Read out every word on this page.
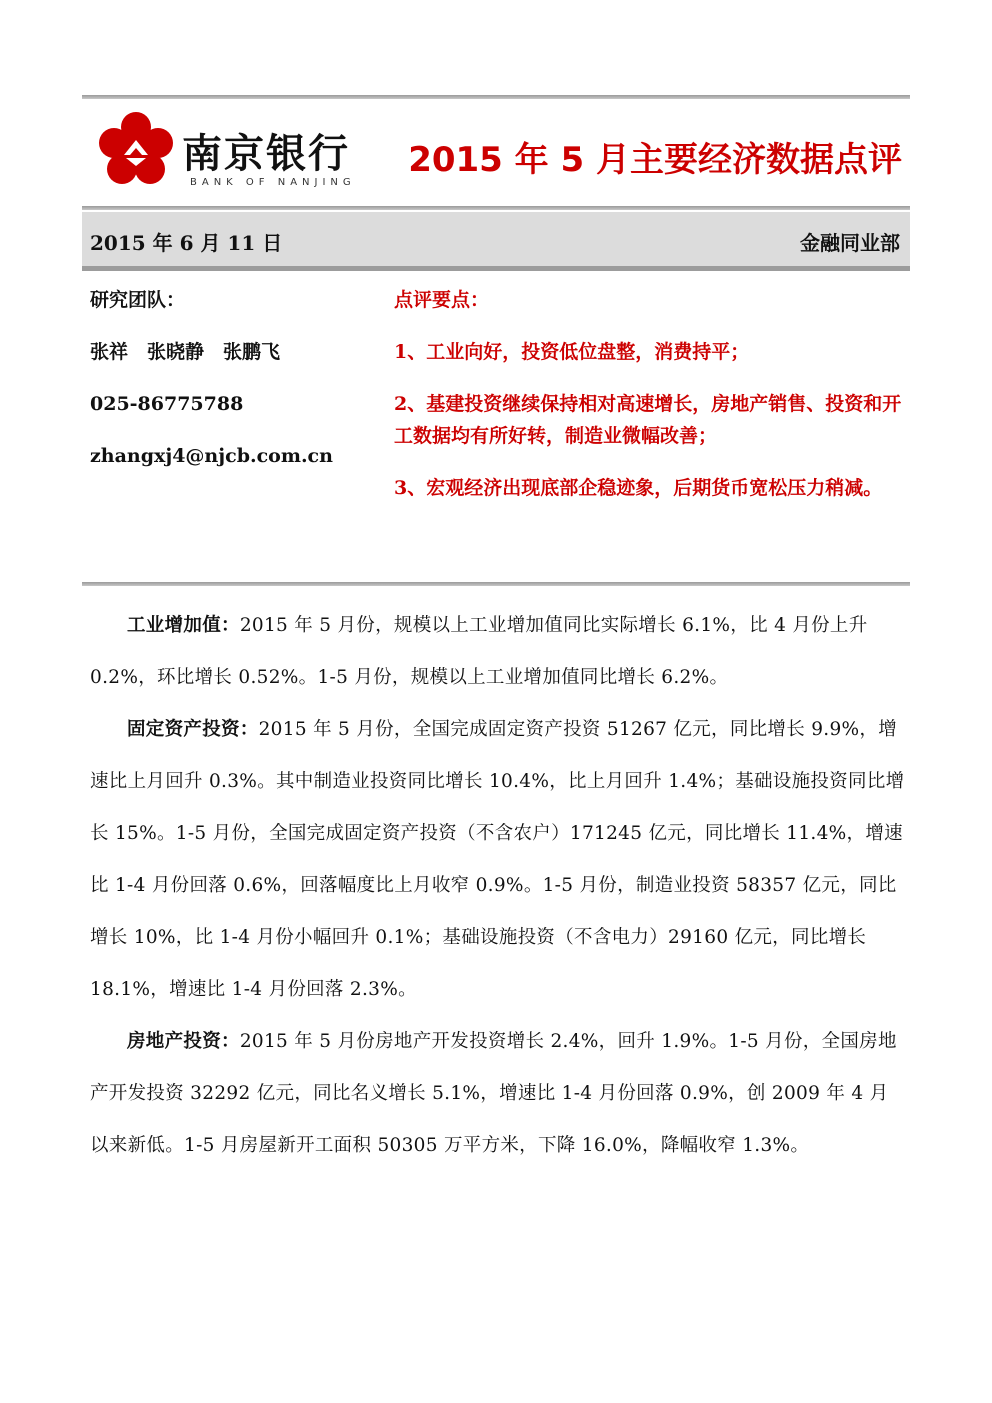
南京银行
BANK OF NANJING
2015 年 5 月主要经济数据点评
2015 年 6 月 11 日	金融同业部
研究团队：
张祥　张晓静　张鹏飞
025-86775788
zhangxj4@njcb.com.cn
点评要点：
1、工业向好，投资低位盘整，消费持平；
2、基建投资继续保持相对高速增长，房地产销售、投资和开工数据均有所好转，制造业微幅改善；
3、宏观经济出现底部企稳迹象，后期货币宽松压力稍减。

工业增加值：2015 年 5 月份，规模以上工业增加值同比实际增长 6.1%，比 4 月份上升 0.2%，环比增长 0.52%。1-5 月份，规模以上工业增加值同比增长 6.2%。

固定资产投资：2015 年 5 月份，全国完成固定资产投资 51267 亿元，同比增长 9.9%，增速比上月回升 0.3%。其中制造业投资同比增长 10.4%，比上月回升 1.4%；基础设施投资同比增长 15%。1-5 月份，全国完成固定资产投资（不含农户）171245 亿元，同比增长 11.4%，增速比 1-4 月份回落 0.6%，回落幅度比上月收窄 0.9%。1-5 月份，制造业投资 58357 亿元，同比增长 10%，比 1-4 月份小幅回升 0.1%；基础设施投资（不含电力）29160 亿元，同比增长 18.1%，增速比 1-4 月份回落 2.3%。

房地产投资：2015 年 5 月份房地产开发投资增长 2.4%，回升 1.9%。1-5 月份，全国房地产开发投资 32292 亿元，同比名义增长 5.1%，增速比 1-4 月份回落 0.9%，创 2009 年 4 月以来新低。1-5 月房屋新开工面积 50305 万平方米，下降 16.0%，降幅收窄 1.3%。
